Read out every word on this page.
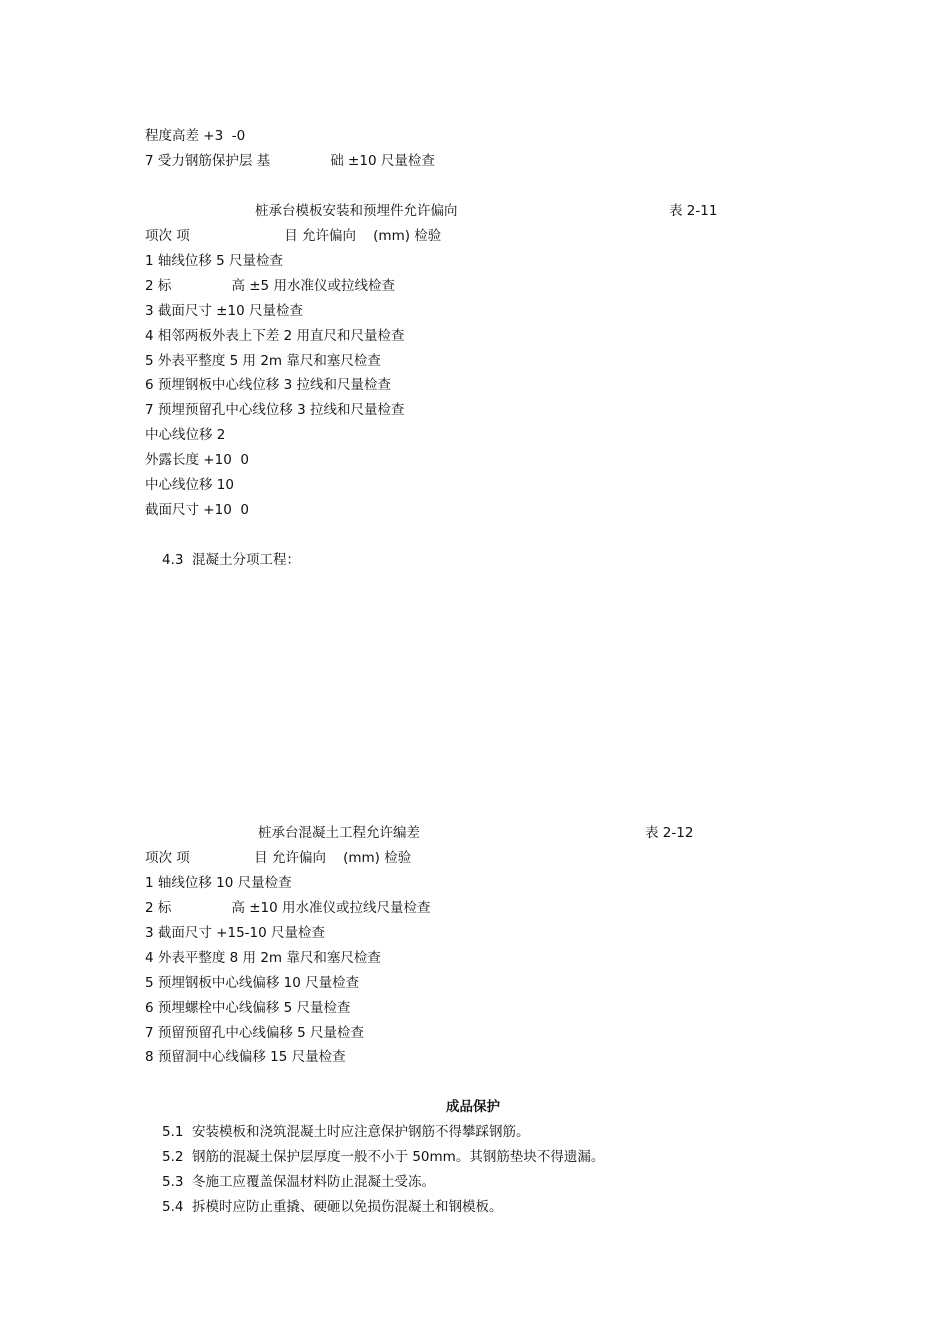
程度高差 +3  -0
7 受力钢筋保护层 基              础 ±10 尺量检查
桩承台模板安装和预埋件允许偏向	表 2-11
项次 项                      目 允许偏向    (mm) 检验
1 轴线位移 5 尺量检查
2 标              高 ±5 用水准仪或拉线检查
3 截面尺寸 ±10 尺量检查
4 相邻两板外表上下差 2 用直尺和尺量检查
5 外表平整度 5 用 2m 靠尺和塞尺检查
6 预埋钢板中心线位移 3 拉线和尺量检查
7 预埋预留孔中心线位移 3 拉线和尺量检查
中心线位移 2
外露长度 +10  0
中心线位移 10
截面尺寸 +10  0
4.3  混凝土分项工程：
桩承台混凝土工程允许编差	表 2-12
项次 项               目 允许偏向    (mm) 检验
1 轴线位移 10 尺量检查
2 标              高 ±10 用水准仪或拉线尺量检查
3 截面尺寸 +15-10 尺量检查
4 外表平整度 8 用 2m 靠尺和塞尺检查
5 预埋钢板中心线偏移 10 尺量检查
6 预埋螺栓中心线偏移 5 尺量检查
7 预留预留孔中心线偏移 5 尺量检查
8 预留洞中心线偏移 15 尺量检查
成品保护
5.1  安装模板和浇筑混凝土时应注意保护钢筋不得攀踩钢筋。
5.2  钢筋的混凝土保护层厚度一般不小于 50mm。其钢筋垫块不得遗漏。
5.3  冬施工应覆盖保温材料防止混凝土受冻。
5.4  拆模时应防止重撬、硬砸以免损伤混凝土和钢模板。
